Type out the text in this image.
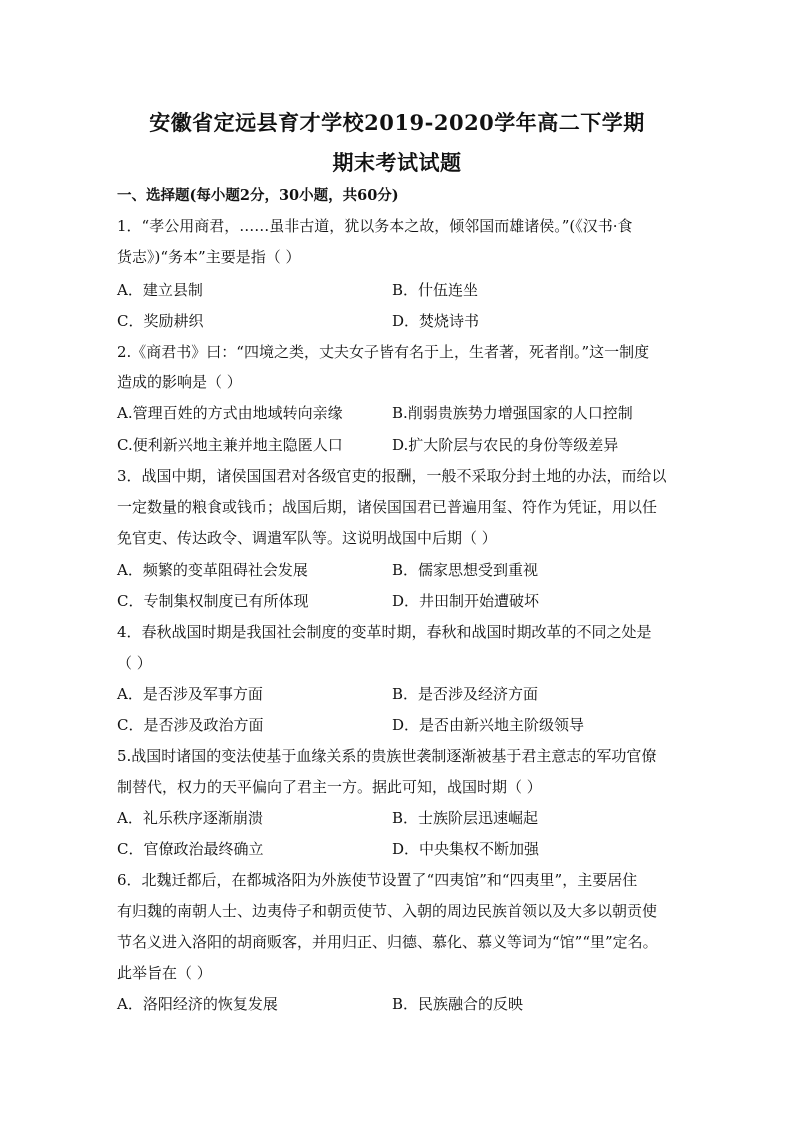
安徽省定远县育才学校2019-2020学年高二下学期
期末考试试题
一、选择题(每小题2分，30小题，共60分)
1．“孝公用商君，……虽非古道，犹以务本之故，倾邻国而雄诸侯。”(《汉书·食
货志》)“务本”主要是指（ ）
A．建立县制	B．什伍连坐
C．奖励耕织	D．焚烧诗书
2.《商君书》曰：“四境之类，丈夫女子皆有名于上，生者著，死者削。”这一制度
造成的影响是（ ）
A.管理百姓的方式由地域转向亲缘	B.削弱贵族势力增强国家的人口控制
C.便利新兴地主兼并地主隐匿人口	D.扩大阶层与农民的身份等级差异
3．战国中期，诸侯国国君对各级官吏的报酬，一般不采取分封土地的办法，而给以
一定数量的粮食或钱币；战国后期，诸侯国国君已普遍用玺、符作为凭证，用以任
免官吏、传达政令、调遣军队等。这说明战国中后期（ ）
A．频繁的变革阻碍社会发展	B．儒家思想受到重视
C．专制集权制度已有所体现	D．井田制开始遭破坏
4．春秋战国时期是我国社会制度的变革时期，春秋和战国时期改革的不同之处是
（ ）
A．是否涉及军事方面	B．是否涉及经济方面
C．是否涉及政治方面	D．是否由新兴地主阶级领导
5.战国时诸国的变法使基于血缘关系的贵族世袭制逐渐被基于君主意志的军功官僚
制替代，权力的天平偏向了君主一方。据此可知，战国时期（ ）
A．礼乐秩序逐渐崩溃	B．士族阶层迅速崛起
C．官僚政治最终确立	D．中央集权不断加强
6．北魏迁都后，在都城洛阳为外族使节设置了“四夷馆”和“四夷里”，主要居住
有归魏的南朝人士、边夷侍子和朝贡使节、入朝的周边民族首领以及大多以朝贡使
节名义进入洛阳的胡商贩客，并用归正、归德、慕化、慕义等词为“馆”“里”定名。
此举旨在（ ）
A．洛阳经济的恢复发展	B．民族融合的反映
